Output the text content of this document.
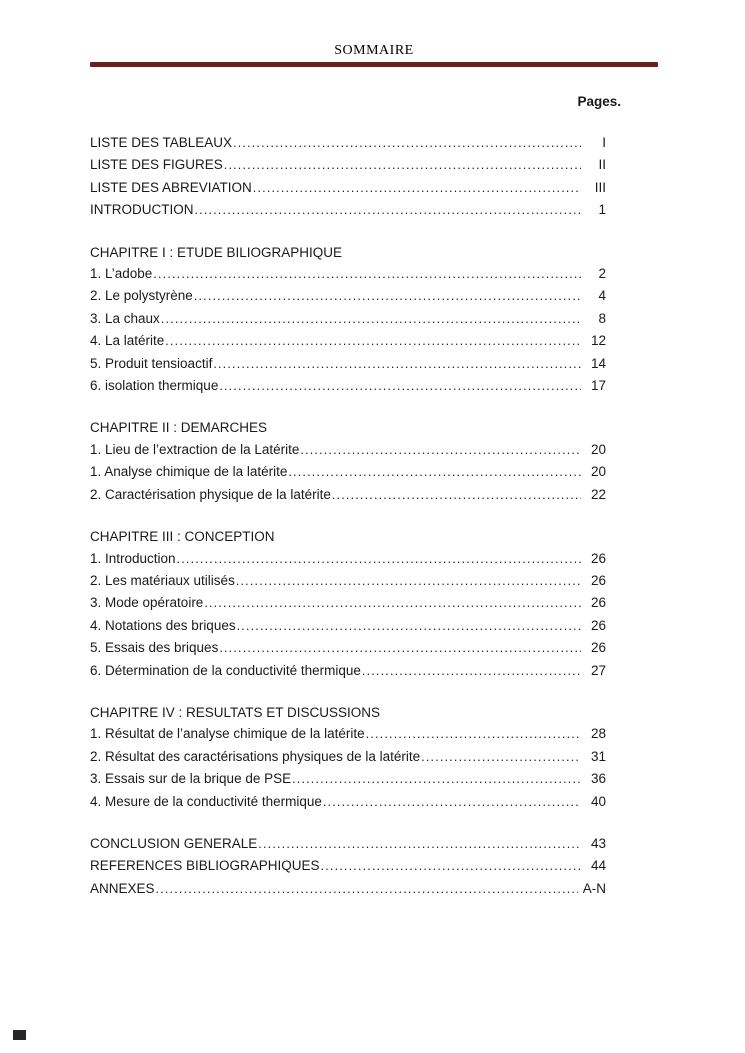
SOMMAIRE
Pages.
LISTE DES TABLEAUX .....	I
LISTE DES FIGURES .....	II
LISTE DES ABREVIATION .....	III
INTRODUCTION .....	1
CHAPITRE I : ETUDE BILIOGRAPHIQUE
1. L’adobe .....	2
2. Le polystyrène .....	4
3. La chaux .....	8
4. La latérite .....	12
5. Produit tensioactif .....	14
6. isolation thermique .....	17
CHAPITRE II : DEMARCHES
1. Lieu de l’extraction de la Latérite .....	20
1. Analyse chimique de la latérite .....	20
2. Caractérisation physique de la latérite .....	22
CHAPITRE III : CONCEPTION
1. Introduction .....	26
2. Les matériaux utilisés .....	26
3. Mode opératoire .....	26
4. Notations des briques .....	26
5. Essais des briques .....	26
6. Détermination de la conductivité thermique .....	27
CHAPITRE IV : RESULTATS ET DISCUSSIONS
1. Résultat de l’analyse chimique de la latérite .....	28
2. Résultat des caractérisations physiques de la latérite .....	31
3. Essais sur de la brique de PSE .....	36
4. Mesure de la conductivité thermique .....	40
CONCLUSION GENERALE .....	43
REFERENCES BIBLIOGRAPHIQUES .....	44
ANNEXES .....	A-N
